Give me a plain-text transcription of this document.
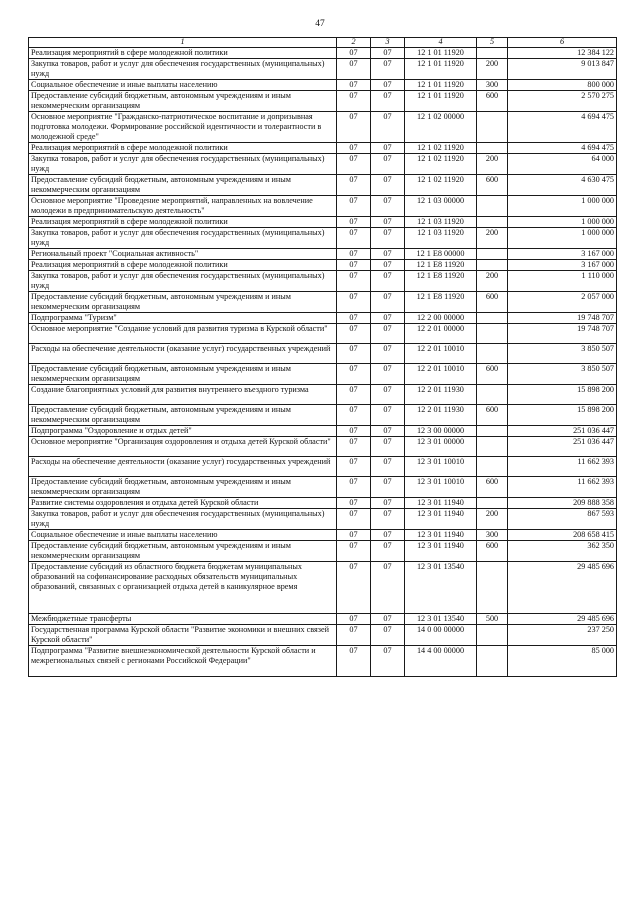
47
1	2	3	4	5	6
Реализация мероприятий в сфере молодежной политики	07	07	12 1 01 11920		12 384 122
Закупка товаров, работ и услуг для обеспечения государственных (муниципальных) нужд	07	07	12 1 01 11920	200	9 013 847
Социальное обеспечение и иные выплаты населению	07	07	12 1 01 11920	300	800 000
Предоставление субсидий бюджетным, автономным учреждениям и иным некоммерческим организациям	07	07	12 1 01 11920	600	2 570 275
Основное мероприятие "Гражданско-патриотическое воспитание и допризывная подготовка молодежи. Формирование российской идентичности и толерантности в молодежной среде"	07	07	12 1 02 00000		4 694 475
Реализация мероприятий в сфере молодежной политики	07	07	12 1 02 11920		4 694 475
Закупка товаров, работ и услуг для обеспечения государственных (муниципальных) нужд	07	07	12 1 02 11920	200	64 000
Предоставление субсидий бюджетным, автономным учреждениям и иным некоммерческим организациям	07	07	12 1 02 11920	600	4 630 475
Основное мероприятие "Проведение мероприятий, направленных на вовлечение молодежи в предпринимательскую деятельность"	07	07	12 1 03 00000		1 000 000
Реализация мероприятий в сфере молодежной политики	07	07	12 1 03 11920		1 000 000
Закупка товаров, работ и услуг для обеспечения государственных (муниципальных) нужд	07	07	12 1 03 11920	200	1 000 000
Региональный проект "Социальная активность"	07	07	12 1 E8 00000		3 167 000
Реализация мероприятий в сфере молодежной политики	07	07	12 1 E8 11920		3 167 000
Закупка товаров, работ и услуг для обеспечения государственных (муниципальных) нужд	07	07	12 1 E8 11920	200	1 110 000
Предоставление субсидий бюджетным, автономным учреждениям и иным некоммерческим организациям	07	07	12 1 E8 11920	600	2 057 000
Подпрограмма "Туризм"	07	07	12 2 00 00000		19 748 707
Основное мероприятие "Создание условий для развития туризма в Курской области"	07	07	12 2 01 00000		19 748 707
Расходы на обеспечение деятельности (оказание услуг) государственных учреждений	07	07	12 2 01 10010		3 850 507
Предоставление субсидий бюджетным, автономным учреждениям и иным некоммерческим организациям	07	07	12 2 01 10010	600	3 850 507
Создание благоприятных условий для развития внутреннего въездного туризма	07	07	12 2 01 11930		15 898 200
Предоставление субсидий бюджетным, автономным учреждениям и иным некоммерческим организациям	07	07	12 2 01 11930	600	15 898 200
Подпрограмма "Оздоровление и отдых детей"	07	07	12 3 00 00000		251 036 447
Основное мероприятие "Организация оздоровления и отдыха детей Курской области"	07	07	12 3 01 00000		251 036 447
Расходы на обеспечение деятельности (оказание услуг) государственных учреждений	07	07	12 3 01 10010		11 662 393
Предоставление субсидий бюджетным, автономным учреждениям и иным некоммерческим организациям	07	07	12 3 01 10010	600	11 662 393
Развитие системы оздоровления и отдыха детей Курской области	07	07	12 3 01 11940		209 888 358
Закупка товаров, работ и услуг для обеспечения государственных (муниципальных) нужд	07	07	12 3 01 11940	200	867 593
Социальное обеспечение и иные выплаты населению	07	07	12 3 01 11940	300	208 658 415
Предоставление субсидий бюджетным, автономным учреждениям и иным некоммерческим организациям	07	07	12 3 01 11940	600	362 350
Предоставление субсидий из областного бюджета бюджетам муниципальных образований на софинансирование расходных обязательств муниципальных образований, связанных с организацией отдыха детей в каникулярное время	07	07	12 3 01 13540		29 485 696
Межбюджетные трансферты	07	07	12 3 01 13540	500	29 485 696
Государственная программа Курской области "Развитие экономики и внешних связей Курской области"	07	07	14 0 00 00000		237 250
Подпрограмма "Развитие внешнеэкономической деятельности Курской области и межрегиональных связей с регионами Российской Федерации"	07	07	14 4 00 00000		85 000
